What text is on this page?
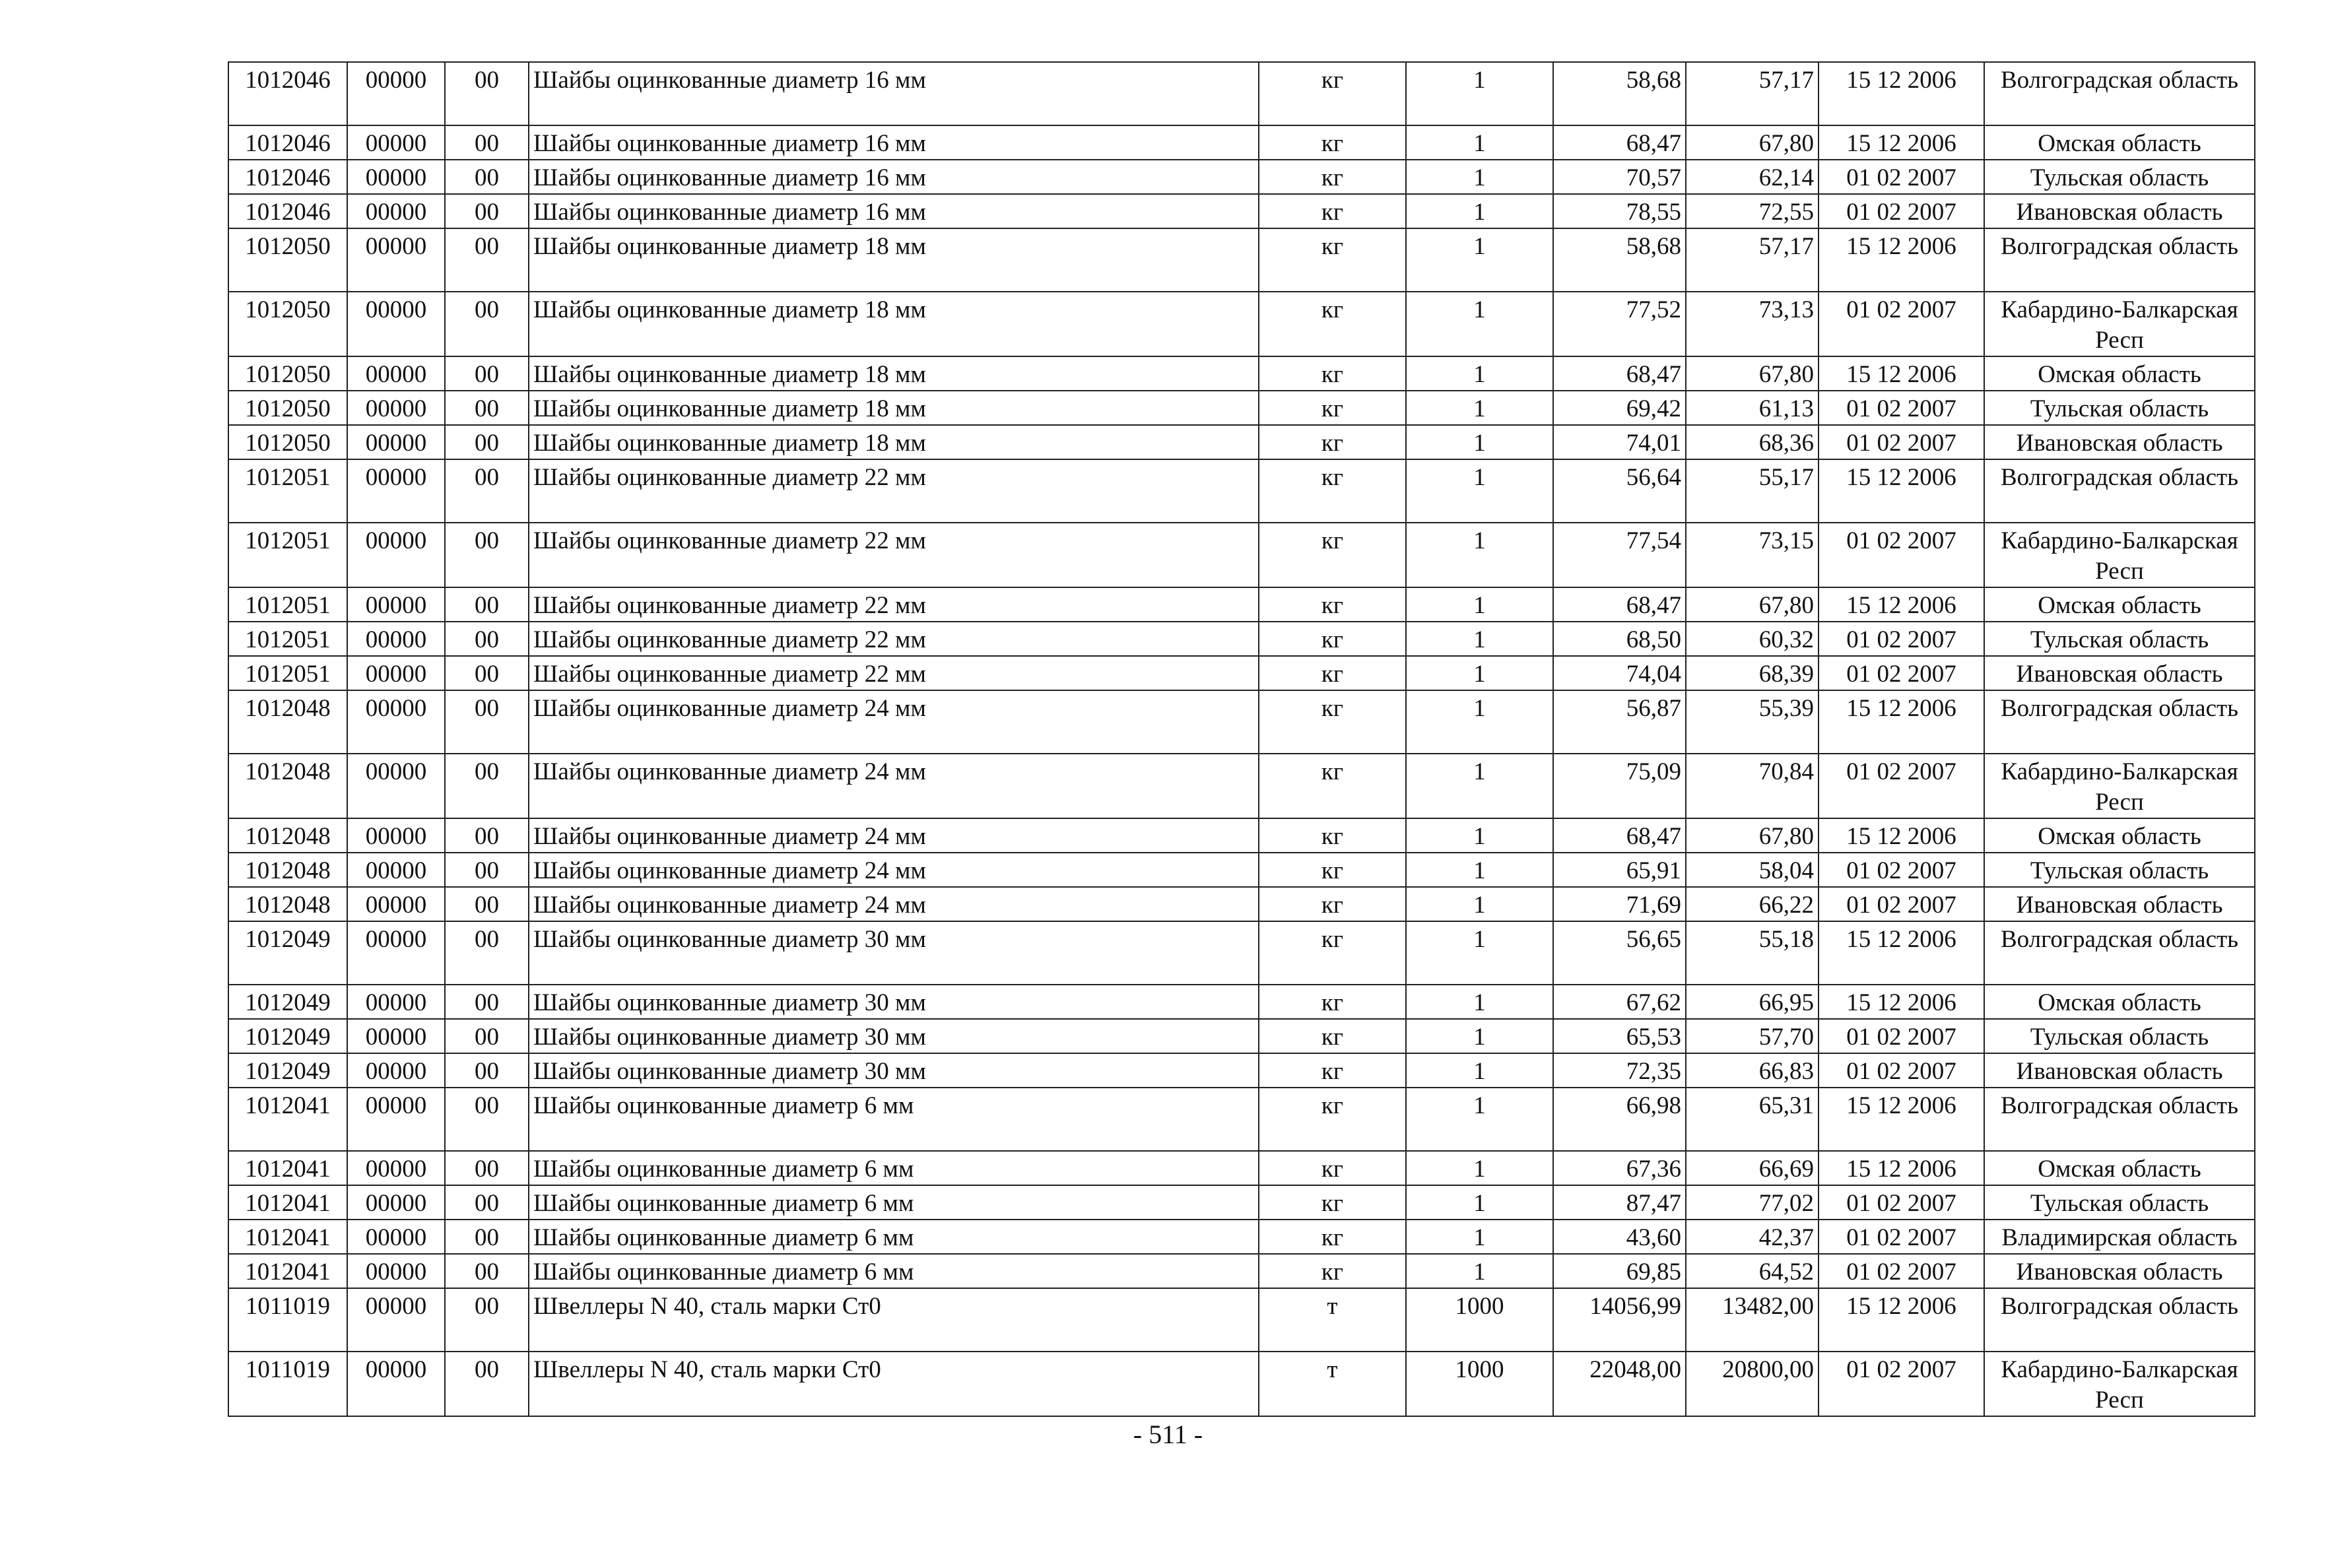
1012046	00000	00	Шайбы оцинкованные диаметр 16 мм	кг	1	58,68	57,17	15 12 2006	Волгоградская область
1012046	00000	00	Шайбы оцинкованные диаметр 16 мм	кг	1	68,47	67,80	15 12 2006	Омская область
1012046	00000	00	Шайбы оцинкованные диаметр 16 мм	кг	1	70,57	62,14	01 02 2007	Тульская область
1012046	00000	00	Шайбы оцинкованные диаметр 16 мм	кг	1	78,55	72,55	01 02 2007	Ивановская область
1012050	00000	00	Шайбы оцинкованные диаметр 18 мм	кг	1	58,68	57,17	15 12 2006	Волгоградская область
1012050	00000	00	Шайбы оцинкованные диаметр 18 мм	кг	1	77,52	73,13	01 02 2007	Кабардино-Балкарская Респ
1012050	00000	00	Шайбы оцинкованные диаметр 18 мм	кг	1	68,47	67,80	15 12 2006	Омская область
1012050	00000	00	Шайбы оцинкованные диаметр 18 мм	кг	1	69,42	61,13	01 02 2007	Тульская область
1012050	00000	00	Шайбы оцинкованные диаметр 18 мм	кг	1	74,01	68,36	01 02 2007	Ивановская область
1012051	00000	00	Шайбы оцинкованные диаметр 22 мм	кг	1	56,64	55,17	15 12 2006	Волгоградская область
1012051	00000	00	Шайбы оцинкованные диаметр 22 мм	кг	1	77,54	73,15	01 02 2007	Кабардино-Балкарская Респ
1012051	00000	00	Шайбы оцинкованные диаметр 22 мм	кг	1	68,47	67,80	15 12 2006	Омская область
1012051	00000	00	Шайбы оцинкованные диаметр 22 мм	кг	1	68,50	60,32	01 02 2007	Тульская область
1012051	00000	00	Шайбы оцинкованные диаметр 22 мм	кг	1	74,04	68,39	01 02 2007	Ивановская область
1012048	00000	00	Шайбы оцинкованные диаметр 24 мм	кг	1	56,87	55,39	15 12 2006	Волгоградская область
1012048	00000	00	Шайбы оцинкованные диаметр 24 мм	кг	1	75,09	70,84	01 02 2007	Кабардино-Балкарская Респ
1012048	00000	00	Шайбы оцинкованные диаметр 24 мм	кг	1	68,47	67,80	15 12 2006	Омская область
1012048	00000	00	Шайбы оцинкованные диаметр 24 мм	кг	1	65,91	58,04	01 02 2007	Тульская область
1012048	00000	00	Шайбы оцинкованные диаметр 24 мм	кг	1	71,69	66,22	01 02 2007	Ивановская область
1012049	00000	00	Шайбы оцинкованные диаметр 30 мм	кг	1	56,65	55,18	15 12 2006	Волгоградская область
1012049	00000	00	Шайбы оцинкованные диаметр 30 мм	кг	1	67,62	66,95	15 12 2006	Омская область
1012049	00000	00	Шайбы оцинкованные диаметр 30 мм	кг	1	65,53	57,70	01 02 2007	Тульская область
1012049	00000	00	Шайбы оцинкованные диаметр 30 мм	кг	1	72,35	66,83	01 02 2007	Ивановская область
1012041	00000	00	Шайбы оцинкованные диаметр 6 мм	кг	1	66,98	65,31	15 12 2006	Волгоградская область
1012041	00000	00	Шайбы оцинкованные диаметр 6 мм	кг	1	67,36	66,69	15 12 2006	Омская область
1012041	00000	00	Шайбы оцинкованные диаметр 6 мм	кг	1	87,47	77,02	01 02 2007	Тульская область
1012041	00000	00	Шайбы оцинкованные диаметр 6 мм	кг	1	43,60	42,37	01 02 2007	Владимирская область
1012041	00000	00	Шайбы оцинкованные диаметр 6 мм	кг	1	69,85	64,52	01 02 2007	Ивановская область
1011019	00000	00	Швеллеры N 40, сталь марки Ст0	т	1000	14056,99	13482,00	15 12 2006	Волгоградская область
1011019	00000	00	Швеллеры N 40, сталь марки Ст0	т	1000	22048,00	20800,00	01 02 2007	Кабардино-Балкарская Респ
- 511 -
